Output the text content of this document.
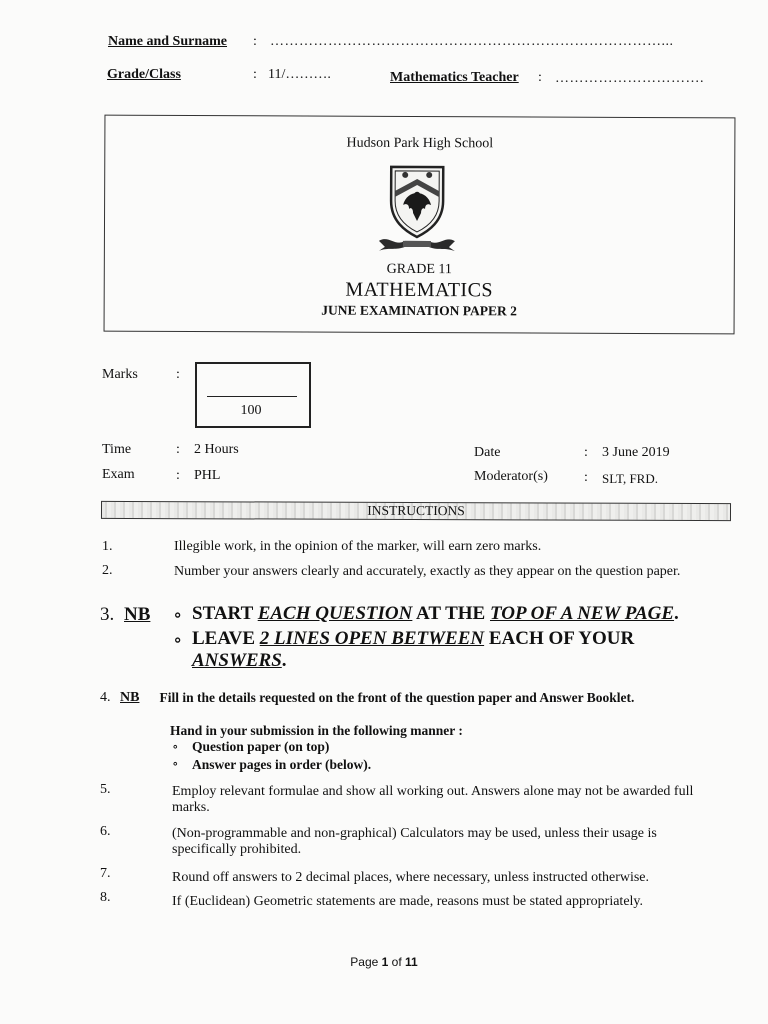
Name and Surname : ………………………………………………………………………...
Grade/Class	: 11/……….	Mathematics Teacher : ………………………….
Hudson Park High School
GRADE 11
MATHEMATICS
JUNE EXAMINATION PAPER 2
Marks	:
100
Time	: 2 Hours
Exam	: PHL
Date	: 3 June 2019
Moderator(s)	: SLT, FRD.
INSTRUCTIONS
1.	Illegible work, in the opinion of the marker, will earn zero marks.
2.	Number your answers clearly and accurately, exactly as they appear on the question paper.
3. NB ∘ START EACH QUESTION AT THE TOP OF A NEW PAGE.
∘ LEAVE 2 LINES OPEN BETWEEN EACH OF YOUR
ANSWERS.
4. NB	Fill in the details requested on the front of the question paper and Answer Booklet.
Hand in your submission in the following manner :
∘ Question paper (on top)
∘ Answer pages in order (below).
5.	Employ relevant formulae and show all working out. Answers alone may not be awarded full marks.
6.	(Non-programmable and non-graphical) Calculators may be used, unless their usage is specifically prohibited.
7.	Round off answers to 2 decimal places, where necessary, unless instructed otherwise.
8.	If (Euclidean) Geometric statements are made, reasons must be stated appropriately.
Page 1 of 11
